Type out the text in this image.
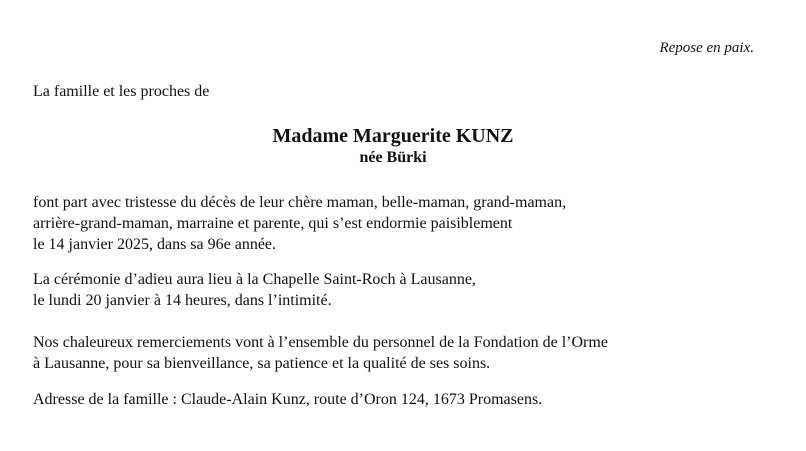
Repose en paix.
La famille et les proches de
Madame Marguerite KUNZ
née Bürki
font part avec tristesse du décès de leur chère maman, belle-maman, grand-maman,
arrière-grand-maman, marraine et parente, qui s’est endormie paisiblement
le 14 janvier 2025, dans sa 96e année.
La cérémonie d’adieu aura lieu à la Chapelle Saint-Roch à Lausanne,
le lundi 20 janvier à 14 heures, dans l’intimité.
Nos chaleureux remerciements vont à l’ensemble du personnel de la Fondation de l’Orme
à Lausanne, pour sa bienveillance, sa patience et la qualité de ses soins.
Adresse de la famille : Claude-Alain Kunz, route d’Oron 124, 1673 Promasens.
